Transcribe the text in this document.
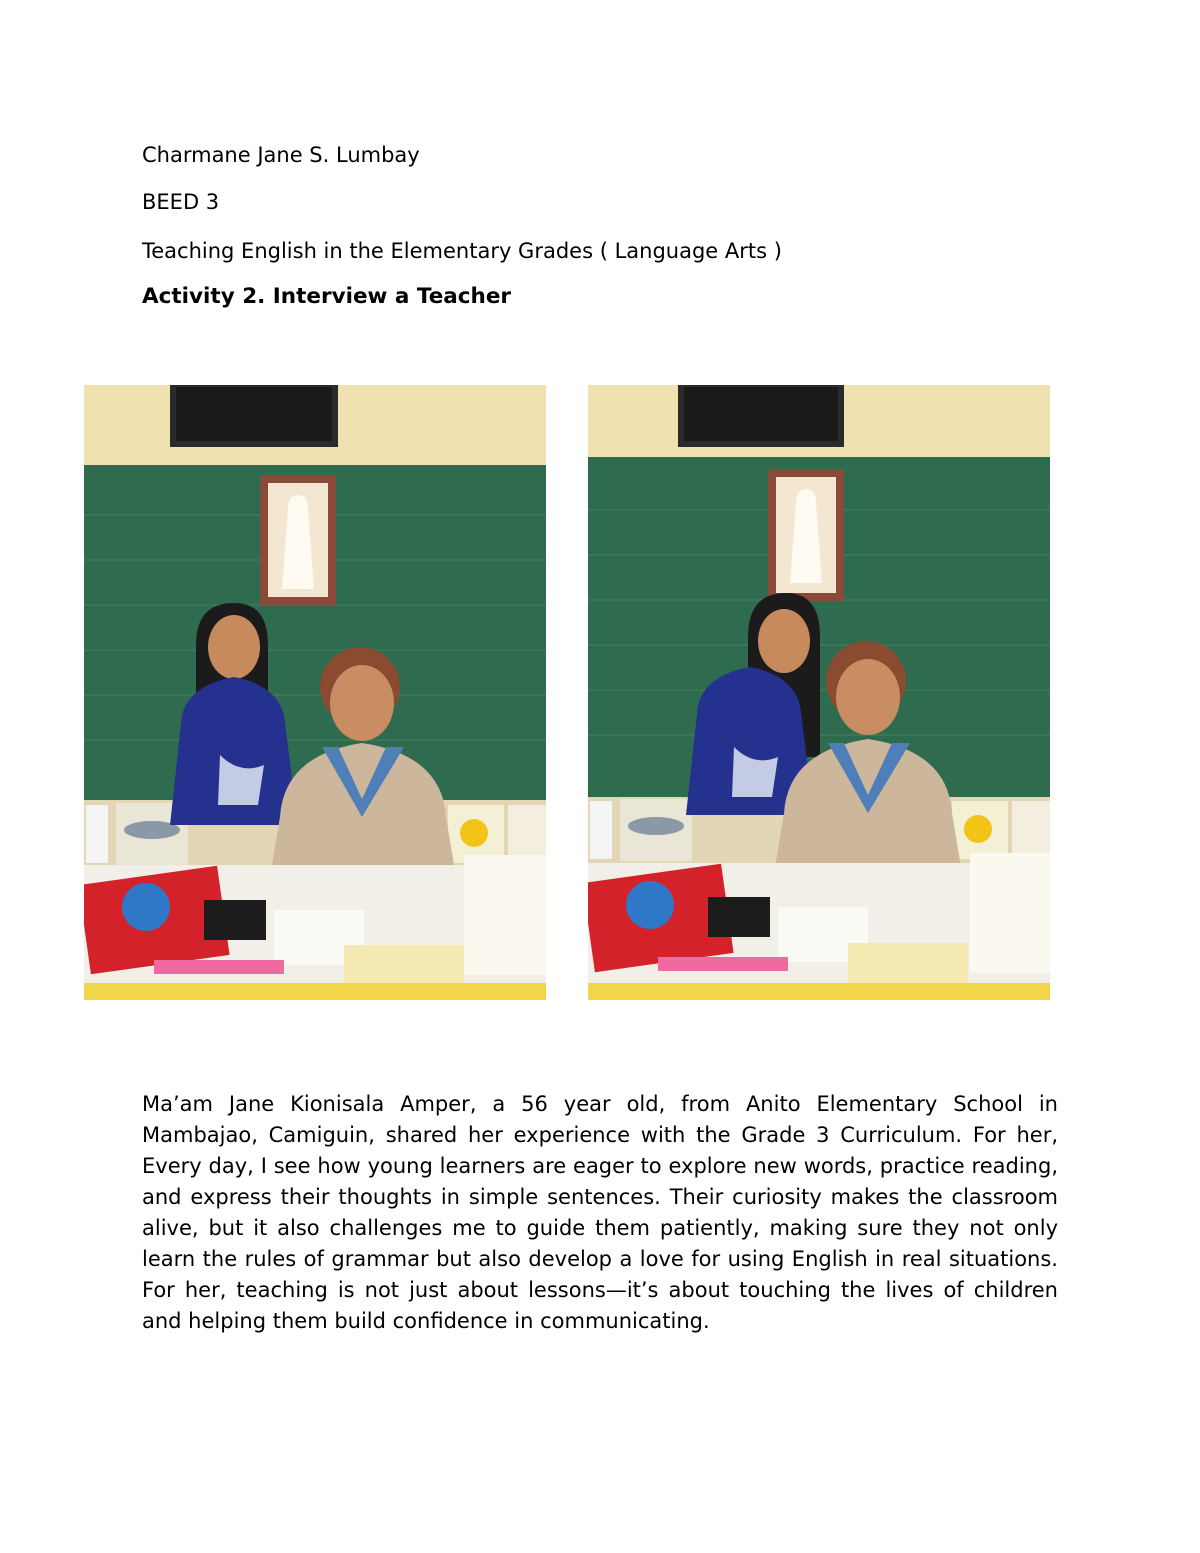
Charmane Jane S. Lumbay
BEED 3
Teaching English in the Elementary Grades ( Language Arts )
Activity 2. Interview a Teacher

Ma’am Jane Kionisala Amper, a 56 year old, from Anito Elementary School in Mambajao, Camiguin, shared her experience with the Grade 3 Curriculum. For her, Every day, I see how young learners are eager to explore new words, practice reading, and express their thoughts in simple sentences. Their curiosity makes the classroom alive, but it also challenges me to guide them patiently, making sure they not only learn the rules of grammar but also develop a love for using English in real situations. For her, teaching is not just about lessons—it’s about touching the lives of children and helping them build confidence in communicating.
